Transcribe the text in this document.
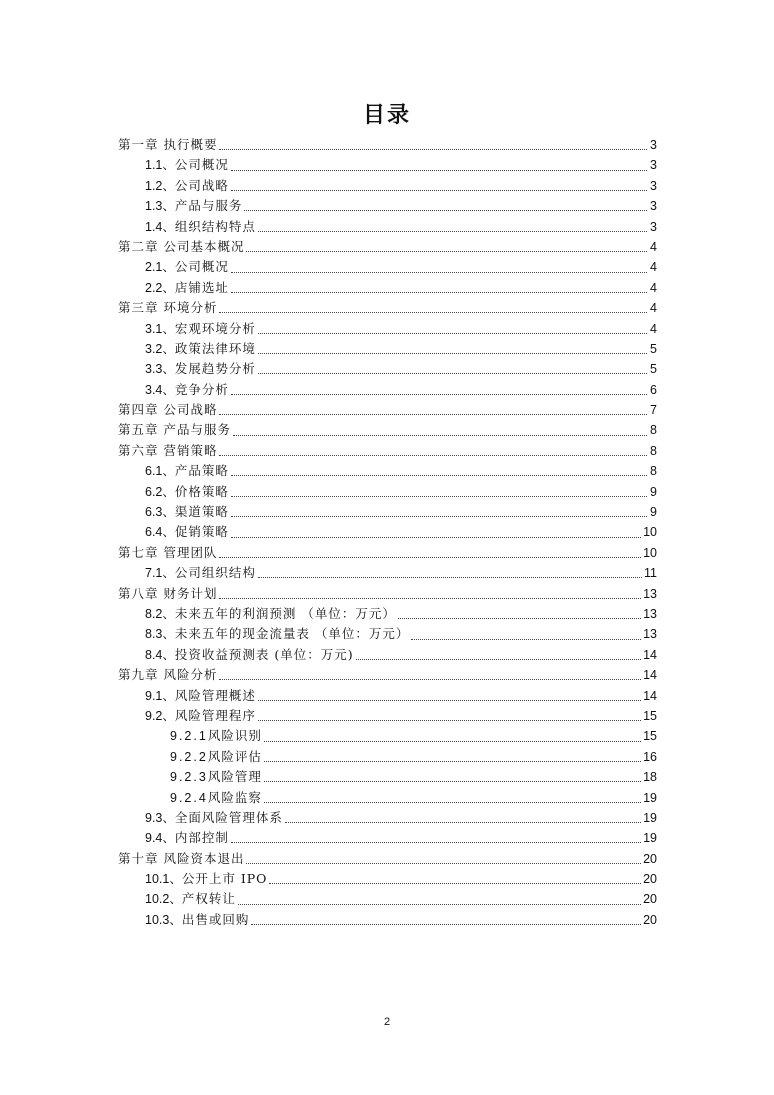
目录
第一章 执行概要	3
1.1、 公司概况	3
1.2、 公司战略	3
1.3、 产品与服务	3
1.4、 组织结构特点	3
第二章 公司基本概况	4
2.1、 公司概况	4
2.2、 店铺选址	4
第三章 环境分析	4
3.1、 宏观环境分析	4
3.2、 政策法律环境	5
3.3、 发展趋势分析	5
3.4、 竞争分析	6
第四章 公司战略	7
第五章 产品与服务	8
第六章 营销策略	8
6.1、 产品策略	8
6.2、 价格策略	9
6.3、 渠道策略	9
6.4、 促销策略	10
第七章 管理团队	10
7.1、 公司组织结构	11
第八章 财务计划	13
8.2、 未来五年的利润预测 （单位：万元）	13
8.3、 未来五年的现金流量表 （单位：万元）	13
8.4、 投资收益预测表 (单位：万元)	14
第九章 风险分析	14
9.1、 风险管理概述	14
9.2、 风险管理程序	15
9.2.1 风险识别	15
9.2.2 风险评估	16
9.2.3 风险管理	18
9.2.4 风险监察	19
9.3、 全面风险管理体系	19
9.4、 内部控制	19
第十章 风险资本退出	20
10.1、 公开上市 IPO	20
10.2、 产权转让	20
10.3、 出售或回购	20
2
